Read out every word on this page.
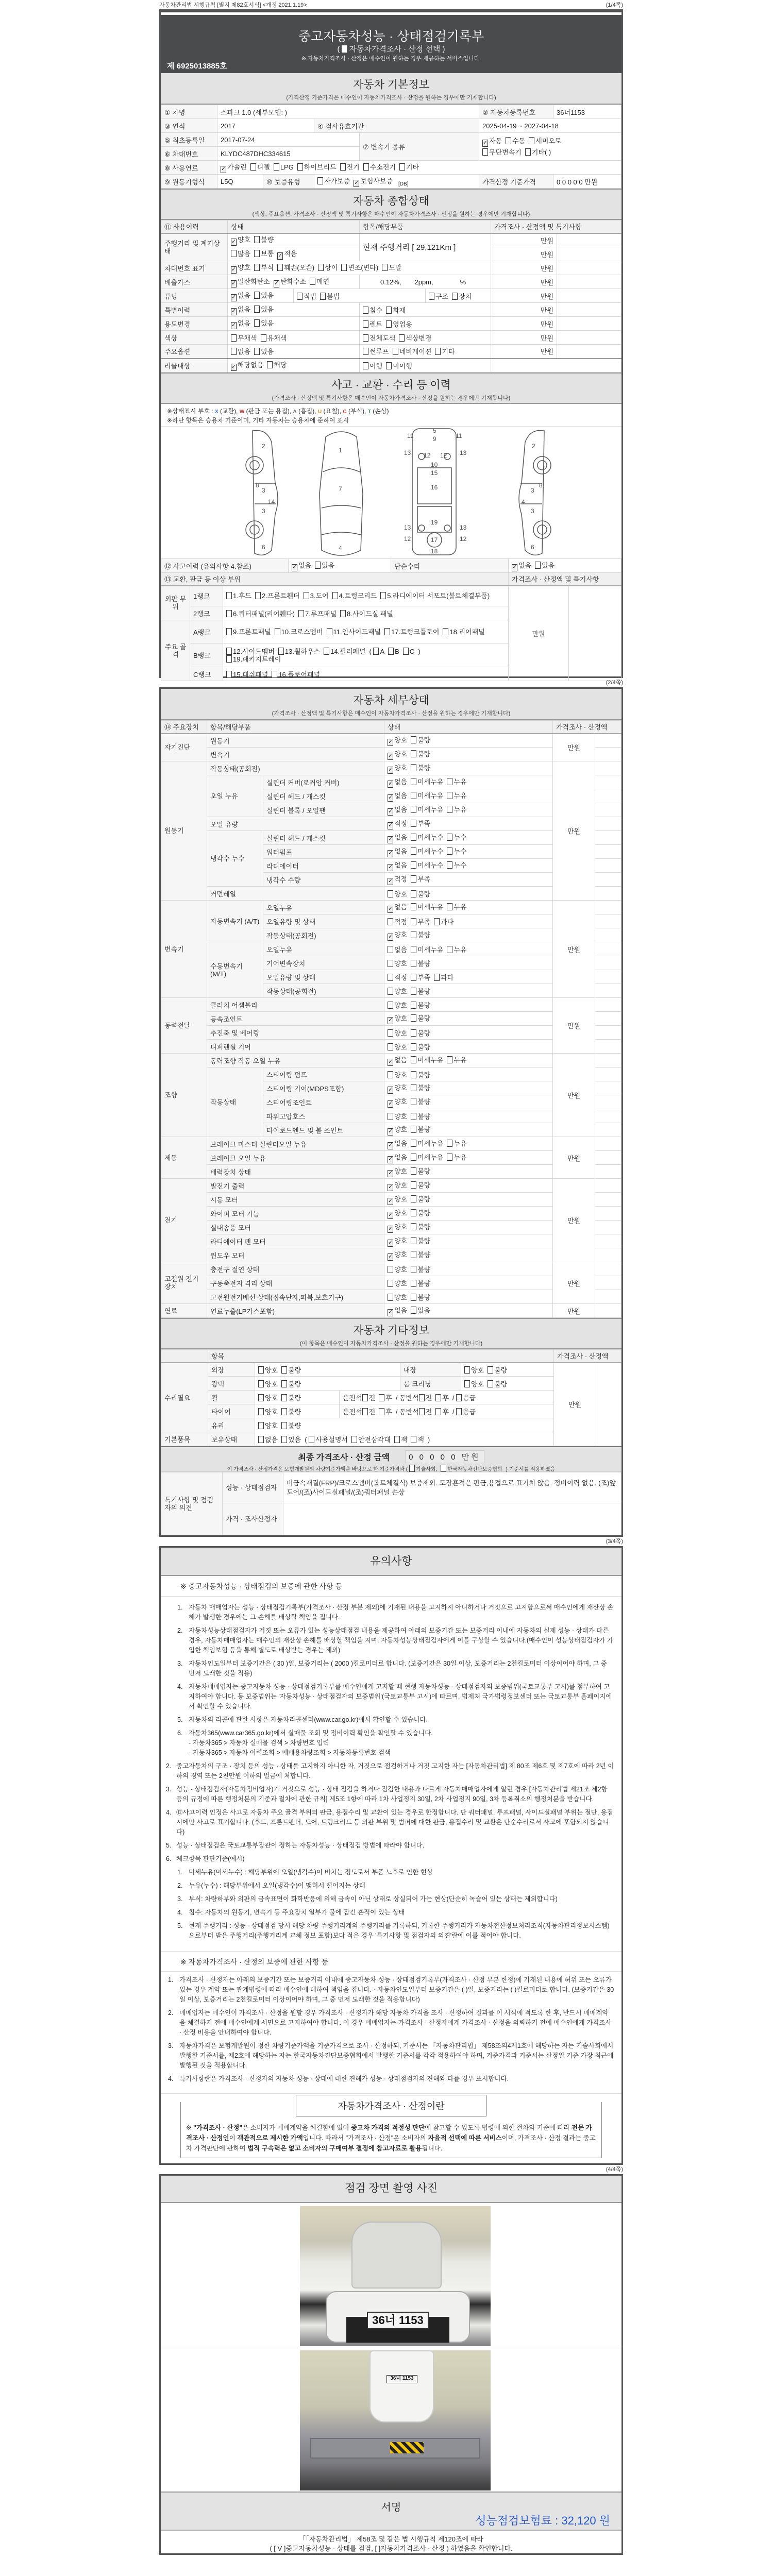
자동차관리법 시행규칙 [별지 제82호서식] <개정 2021.1.19>	(1/4쪽)
중고자동차성능 · 상태점검기록부
( 자동차가격조사 · 산정 선택 )
※ 자동차가격조사 · 산정은 매수인이 원하는 경우 제공하는 서비스입니다.
제 6925013885호
자동차 기본정보
(가격산정 기준가격은 매수인이 자동차가격조사 · 산정을 원하는 경우에만 기재합니다)
① 차명	스파크 1.0 (세부모델: )				② 자동차등록번호	36너1153
③ 연식	2017		④ 검사유효기간		2025-04-19 ~ 2027-04-18	
⑤ 최초등록일	2017-07-24			⑦ 변속기 종류	✓ 자동 수동 세미오토
무단변속기 기타( )	

⑥ 차대번호	KLYDC487DHC334615					
⑧ 사용연료	✓ 가솔린 디젤 LPG 하이브리드 전기 수소전기 기타					
⑨ 원동기형식	L5Q	⑩ 보증유형	자가보증 ✓ 보험사보증 $_{[DB]}$		가격산정 기준가격	0 0 0 0 0 만원
자동차 종합상태
(색상, 주요옵션, 가격조사 · 산정액 및 특기사항은 매수인이 자동차가격조사 · 산정을 원하는 경우에만 기재합니다)
⑪ 사용이력	상태		항목/해당부품		가격조사 · 산정액 및 특기사항	
주행거리 및 계기상태	✓ 양호 불량		현재 주행거리 [ 29,121Km ]		만원	
	많음 보통 ✓ 적음				만원	
차대번호 표기	✓ 양호 부식 훼손(오손) 상이 변조(변타) 도말				만원	
배출가스	✓ 일산화탄소 ✓ 탄화수소 매연		0.12%,   2ppm,     %		만원	
튜닝	✓ 없음 있음	적법 불법		구조 장치	만원	
특별이력	✓ 없음 있음		침수 화재		만원	
용도변경	✓ 없음 있음		렌트 영업용		만원	
색상	무채색 유채색		전체도색 색상변경		만원	
주요옵션	없음 있음		썬루프 네비게이션 기타		만원	
리콜대상	✓ 해당없음 해당		이행 미이행			
사고 · 교환 · 수리 등 이력
(가격조사 · 산정액 및 특기사항은 매수인이 자동차가격조사 · 산정을 원하는 경우에만 기재합니다)
※상태표시 부호 : X (교환), W (판금 또는 용접), A (흠집), U (요철), C (부식), T (손상)
※하단 항목은 승용차 기준이며, 기타 자동차는 승용차에 준하여 표시
2
3
3
8
14
6
1
7
4
5
9
11	11
13	13
12 12
10
15
16
19
17
18
13	13
12	12
2
3
3
8
4
6
⑫ 사고이력 (유의사항 4.참조)			✓ 없음 있음	단순수리	✓ 없음 있음	
⑬ 교환, 판금 등 이상 부위					가격조사 · 산정액 및 특기사항	
외판 부위	1랭크	1.후드 2.프론트휀더 3.도어 4.트렁크리드 5.라디에이터 서포트(볼트체결부품)			만원	
	2랭크	6.쿼터패널(리어휀다) 7.루프패널 8.사이드실 패널				
주요 골격	A랭크	9.프론트패널 10.크로스멤버 11.인사이드패널 17.트렁크플로어 18.리어패널				
	B랭크	12.사이드멤버 13.휠하우스 14.필러패널 ( A B C )
19.패키지트레이				
	C랭크	15.대쉬패널 16.플로어패널				
(2/4쪽)
자동차 세부상태
(가격조사 · 산정액 및 특기사항은 매수인이 자동차가격조사 · 산정을 원하는 경우에만 기재합니다)
⑭ 주요장치	항목/해당부품		상태	가격조사 · 산정액	
자기진단	원동기		✓ 양호 불량	만원	
	변속기		✓ 양호 불량		
원동기	작동상태(공회전)		✓ 양호 불량	만원	
	오일 누유	실린더 커버(로커암 커버)	✓ 없음 미세누유 누유		
		실린더 헤드 / 개스킷	✓ 없음 미세누유 누유		
		실린더 블록 / 오일팬	✓ 없음 미세누유 누유		
	오일 유량		✓ 적정 부족		
	냉각수 누수	실린더 헤드 / 개스킷	✓ 없음 미세누수 누수		
		워터펌프	✓ 없음 미세누수 누수		
		라디에이터	✓ 없음 미세누수 누수		
		냉각수 수량	✓ 적정 부족		
	커먼레일		양호 불량		
변속기	자동변속기 (A/T)	오일누유	✓ 없음 미세누유 누유	만원	
		오일유량 및 상태	적정 부족 과다		
		작동상태(공회전)	✓ 양호 불량		
	수동변속기 (M/T)	오일누유	없음 미세누유 누유		
		기어변속장치	양호 불량		
		오일유량 및 상태	적정 부족 과다		
		작동상태(공회전)	양호 불량		
동력전달	클러치 어셈블리		양호 불량	만원	
	등속조인트		✓ 양호 불량		
	추진축 및 베어링		양호 불량		
	디퍼렌셜 기어		양호 불량		
조향	동력조향 작동 오일 누유		✓ 없음 미세누유 누유	만원	
	작동상태	스티어링 펌프	양호 불량		
		스티어링 기어(MDPS포함)	✓ 양호 불량		
		스티어링조인트	✓ 양호 불량		
		파워고압호스	양호 불량		
		타이로드엔드 및 볼 조인트	✓ 양호 불량		
제동	브레이크 마스터 실린더오일 누유		✓ 없음 미세누유 누유	만원	
	브레이크 오일 누유		✓ 없음 미세누유 누유		
	배력장치 상태		✓ 양호 불량		
전기	발전기 출력		✓ 양호 불량	만원	
	시동 모터		✓ 양호 불량		
	와이퍼 모터 기능		✓ 양호 불량		
	실내송풍 모터		✓ 양호 불량		
	라디에이터 팬 모터		✓ 양호 불량		
	윈도우 모터		✓ 양호 불량		
고전원 전기장치	충전구 절연 상태		양호 불량	만원	
	구동축전지 격리 상태		양호 불량		
	고전원전기배선 상태(접속단자,피복,보호기구)		양호 불량		
연료	연료누출(LP가스포함)		✓ 없음 있음	만원	
자동차 기타정보
(이 항목은 매수인이 자동차가격조사 · 산정을 원하는 경우에만 기재합니다)
	항목					가격조사 · 산정액	
수리필요	외장	양호 불량		내장	양호 불량	만원	
	광택	양호 불량		룸 크리닝	양호 불량		
	휠	양호 불량	운전석 전 후 / 동반석 전 후 / 응급				
	타이어	양호 불량	운전석 전 후 / 동반석 전 후 / 응급				
	유리	양호 불량					
기본품목	보유상태	없음 있음 ( 사용설명서 안전삼각대 잭 잭 )					
최종 가격조사 · 산정 금액 0 0 0 0 0 만원
이 가격조사 · 산정가격은 보험개발원의 차량기준가액을 바탕으로 한 기준가격과 ( 기술사회, 한국자동차진단보증협회 ) 기준서를 적용하였음
특기사항 및 점검자의 의견	성능 · 상태점검자	비금속재질(FRP)/크로스멤버(볼트체결식) 보증제외. 도장흔적은 판금,용접으로 표기치 않음. 정비이력 없음. (조)앞도어/(조)사이드실패널/(조)쿼터패널 손상
	가격 · 조사산정자	
(3/4쪽)
유의사항
※ 중고자동차성능 · 상태점검의 보증에 관한 사항 등
1. 자동차 매매업자는 성능 · 상태점검기록부(가격조사 · 산정 부분 제외)에 기재된 내용을 고지하지 아니하거나 거짓으로 고지함으로써 매수인에게 재산상 손해가 발생한 경우에는 그 손해를 배상할 책임을 집니다.
2. 자동차성능상태점검자가 거짓 또는 오류가 있는 성능상태점검 내용을 제공하여 아래의 보증기간 또는 보증거리 이내에 자동차의 실제 성능 · 상태가 다른 경우, 자동차매매업자는 매수인의 재산상 손해를 배상할 책임을 지며, 자동차성능상태점검자에게 이를 구상할 수 있습니다.(매수인이 성능상태점검자가 가입한 책임보험 등을 통해 별도로 배상받는 경우는 제외)
3. 자동차인도일부터 보증기간은 ( 30 )일, 보증거리는 ( 2000 )킬로미터로 합니다. (보증기간은 30일 이상, 보증거리는 2천킬로미터 이상이어야 하며, 그 중 먼저 도래한 것을 적용)
4. 자동차매매업자는 중고자동차 성능 · 상태점검기록부를 매수인에게 고지할 때 현행 자동차성능 · 상태점검자의 보증범위(국토교통부 고시)를 첨부하여 고지하여야 합니다. 동 보증범위는 '자동차성능 · 상태점검자의 보증범위'(국토교통부 고시)에 따르며, 법제처 국가법령정보센터 또는 국토교통부 홈페이지에서 확인할 수 있습니다.
5. 자동차의 리콜에 관한 사항은 자동차리콜센터(www.car.go.kr)에서 확인할 수 있습니다.
6. 자동차365(www.car365.go.kr)에서 실매물 조회 및 정비이력 확인을 확인할 수 있습니다.
- 자동차365 > 자동차 실매물 검색 > 차량번호 입력
- 자동차365 > 자동차 이력조회 > 매매용차량조회 > 자동차등록번호 검색
2. 중고자동차의 구조 · 장치 등의 성능 · 상태를 고지하지 아니한 자, 거짓으로 점검하거나 거짓 고지한 자는 [자동차관리법] 제 80조 제6호 및 제7호에 따라 2년 이하의 징역 또는 2천만원 이하의 벌금에 처합니다.
3. 성능 · 상태점검자(자동차정비업자)가 거짓으로 성능 · 상태 점검을 하거나 점검한 내용과 다르게 자동차매매업자에게 알린 경우 [자동차관리법 제21조 제2항 등의 규정에 따른 행정처분의 기준과 절차에 관한 규칙] 제5조 1항에 따라 1차 사업정지 30일, 2차 사업정지 90일, 3차 등록취소의 행정처분을 받습니다.
4. ⑫사고이력 인정은 사고로 자동차 주요 골격 부위의 판금, 용접수리 및 교환이 있는 경우로 한정합니다. 단 쿼터패널, 루프패널, 사이드실패널 부위는 절단, 용접 시에만 사고로 표기합니다. (후드, 프론트펜더, 도어, 트렁크리드 등 외판 부위 및 범퍼에 대한 판금, 용접수리 및 교환은 단순수리로서 사고에 포함되지 않습니다)
5. 성능 · 상태점검은 국토교통부장관이 정하는 자동차성능 · 상태점검 방법에 따라야 합니다.
6. 체크항목 판단기준(예시)
1. 미세누유(미세누수) : 해당부위에 오일(냉각수)이 비치는 정도로서 부품 노후로 인한 현상
2. 누유(누수) : 해당부위에서 오일(냉각수)이 맺혀서 떨어지는 상태
3. 부식: 차량하부와 외판의 금속표면이 화학반응에 의해 금속이 아닌 상태로 상실되어 가는 현상(단순히 녹슬어 있는 상태는 제외합니다)
4. 침수: 자동차의 원동기, 변속기 등 주요장치 일부가 물에 잠긴 흔적이 있는 상태
5. 현재 주행거리 : 성능 · 상태점검 당시 해당 차량 주행거리계의 주행거리를 기록하되, 기록한 주행거리가 자동차전산정보처리조직(자동차관리정보시스템)으로부터 받은 주행거리(주행거리계 교체 정보 포함)보다 적은 경우 '특기사항 및 점검자의 의견'란에 이를 적어야 합니다.
※ 자동차가격조사 · 산정의 보증에 관한 사항 등
1. 가격조사 · 산정자는 아래의 보증기간 또는 보증거리 이내에 중고자동차 성능 · 상태점검기록부(가격조사 · 산정 부분 한정)에 기재된 내용에 허위 또는 오류가 있는 경우 계약 또는 관계법령에 따라 매수인에 대하여 책임을 집니다. · 자동차인도일부터 보증기간은 ( )일, 보증거리는 ( )킬로미터로 합니다. (보증기간은 30일 이상, 보증거리는 2천킬로미터 이상이어야 하며, 그 중 먼저 도래한 것을 적용합니다)
2. 매매업자는 매수인이 가격조사 · 산정을 원할 경우 가격조사 · 산정자가 해당 자동차 가격을 조사 · 산정하여 결과를 이 서식에 적도록 한 후, 반드시 매매계약을 체결하기 전에 매수인에게 서면으로 고지하여야 합니다. 이 경우 매매업자는 가격조사 · 산정자에게 가격조사 · 산정을 의뢰하기 전에 매수인에게 가격조사 · 산정 비용을 안내하여야 합니다.
3. 자동차가격은 보험개발원이 정한 차량기준가액을 기준가격으로 조사 · 산정하되, 기준서는 「자동차관리법」 제58조의4제1호에 해당하는 자는 기술사회에서 발행한 기준서를, 제2호에 해당하는 자는 한국자동차진단보증협회에서 발행한 기준서를 각각 적용하여야 하며, 기준가격과 기준서는 산정일 기준 가장 최근에 발행된 것을 적용합니다.
4. 특기사항란은 가격조사 · 산정자의 자동차 성능 · 상태에 대한 견해가 성능 · 상태점검자의 견해와 다를 경우 표시합니다.
자동차가격조사 · 산정이란
※ "가격조사 · 산정"은 소비자가 매매계약을 체결함에 있어 중고차 가격의 적절성 판단에 참고할 수 있도록 법령에 의한 절차와 기준에 따라 전문 가격조사 · 산정인이 객관적으로 제시한 가액입니다. 따라서 "가격조사 · 산정"은 소비자의 자율적 선택에 따른 서비스이며, 가격조사 · 산정 결과는 중고차 가격판단에 관하여 법적 구속력은 없고 소비자의 구매여부 결정에 참고자료로 활용됩니다.
(4/4쪽)
점검 장면 촬영 사진
36너 1153
36너 1153
서명
성능점검보험료 : 32,120 원
「「자동차관리법」 제58조 및 같은 법 시행규칙 제120조에 따라
( [ V ]중고자동차성능 · 상태를 점검, [ ]자동차가격조사 · 산정 ) 하였음을 확인합니다.
